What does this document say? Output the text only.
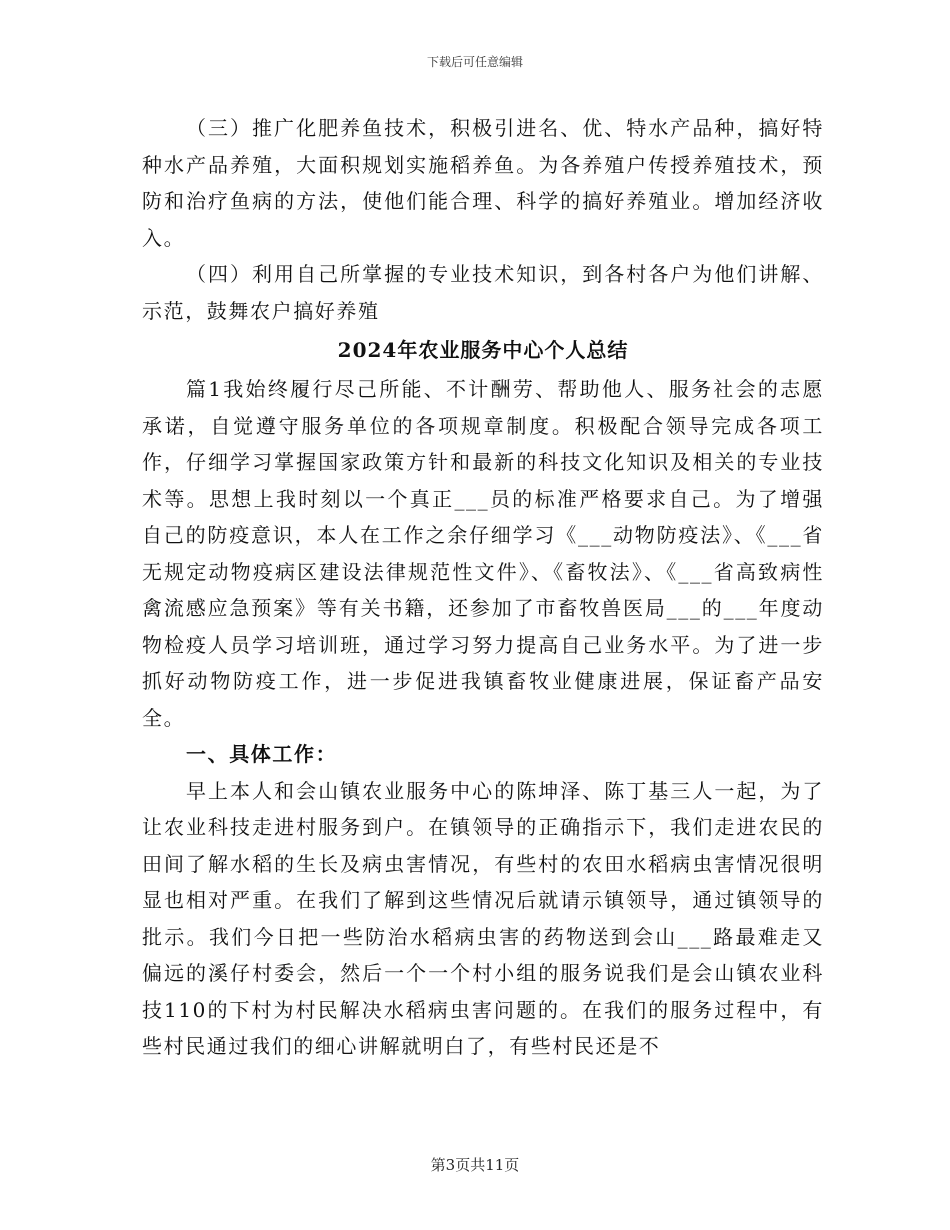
下载后可任意编辑

（三）推广化肥养鱼技术，积极引进名、优、特水产品种，搞好特种水产品养殖，大面积规划实施稻养鱼。为各养殖户传授养殖技术，预防和治疗鱼病的方法，使他们能合理、科学的搞好养殖业。增加经济收入。

（四）利用自己所掌握的专业技术知识，到各村各户为他们讲解、示范，鼓舞农户搞好养殖

2024年农业服务中心个人总结

篇1我始终履行尽己所能、不计酬劳、帮助他人、服务社会的志愿承诺，自觉遵守服务单位的各项规章制度。积极配合领导完成各项工作，仔细学习掌握国家政策方针和最新的科技文化知识及相关的专业技术等。思想上我时刻以一个真正___员的标准严格要求自己。为了增强自己的防疫意识，本人在工作之余仔细学习《___动物防疫法》、《___省无规定动物疫病区建设法律规范性文件》、《畜牧法》、《___省高致病性禽流感应急预案》等有关书籍，还参加了市畜牧兽医局___的___年度动物检疫人员学习培训班，通过学习努力提高自己业务水平。为了进一步抓好动物防疫工作，进一步促进我镇畜牧业健康进展，保证畜产品安全。

一、具体工作：

早上本人和会山镇农业服务中心的陈坤泽、陈丁基三人一起，为了让农业科技走进村服务到户。在镇领导的正确指示下，我们走进农民的田间了解水稻的生长及病虫害情况，有些村的农田水稻病虫害情况很明显也相对严重。在我们了解到这些情况后就请示镇领导，通过镇领导的批示。我们今日把一些防治水稻病虫害的药物送到会山___路最难走又偏远的溪仔村委会，然后一个一个村小组的服务说我们是会山镇农业科技110的下村为村民解决水稻病虫害问题的。在我们的服务过程中，有些村民通过我们的细心讲解就明白了，有些村民还是不

第3页共11页
